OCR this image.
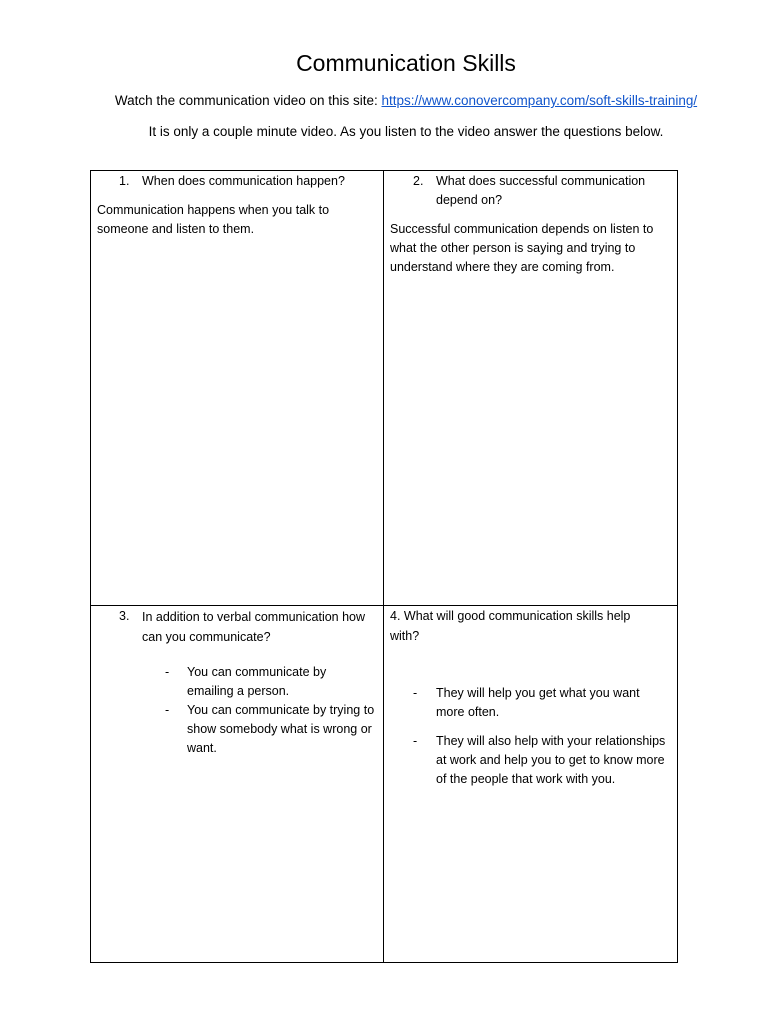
Communication Skills
Watch the communication video on this site: https://www.conovercompany.com/soft-skills-training/
It is only a couple minute video. As you listen to the video answer the questions below.
1. When does communication happen?
Communication happens when you talk to someone and listen to them.
2. What does successful communication depend on?
Successful communication depends on listen to what the other person is saying and trying to understand where they are coming from.
3. In addition to verbal communication how can you communicate?
- You can communicate by emailing a person.
- You can communicate by trying to show somebody what is wrong or want.
4. What will good communication skills help with?
- They will help you get what you want more often.
- They will also help with your relationships at work and help you to get to know more of the people that work with you.
